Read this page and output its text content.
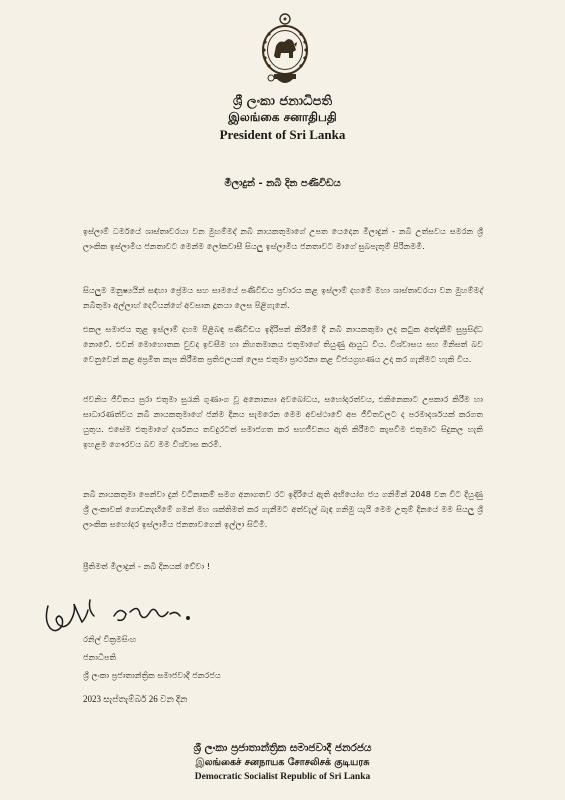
ශ්‍රී ලංකා ජනාධිපති
இலங்கை சனாதிபதி
President of Sri Lanka
මීලාදුන් - නබි දින පණිවිඩය

ඉස්ලාම් ධර්මයේ ශාස්තෘවරයා වන මුහම්මද් නබි නායකතුමාගේ උපත යෙදෙන මීලාදුන් - නබි උත්සවය සමරන ශ්‍රී ලාංකික ඉස්ලාමීය ජනතාවට මෙන්ම ලෝකවාසී සියලු ඉස්ලාමීය ජනතාවට මාගේ සුබපැතුම් පිරිනමමි.

සියලුම මනුෂ්‍යයින් සඳහා ප්‍රේමය සහ සාමයේ පණිවිඩය ප්‍රචාරය කළ ඉස්ලාම් දහමේ මහා ශාස්තෘවරයා වන මුහම්මද් නබිතුමා අල්ලාහ් දෙවියන්ගේ අවසාන දූතයා ලෙස පිළිගැනේ.

එකල සමාජය තුළ ඉස්ලාම් දහම පිළිබඳ පණිවිඩය ඉදිරිපත් කිරීමේ දී නබි නායකතුමා ලද කටුක අත්දැකීම් සුප්‍රසිද්ධ නොවේ. එවන් මොහොතක වුවද ඉවසීම හා නිහතමානය එතුමාගේ තියුණු ආයුධ විය. විශ්වාසය සහ මිනිසත් බව වෙනුවෙන් කළ අප්‍රමිත කැප කිරීමක ප්‍රතිඵලයක් ලෙස එතුමා ප්‍රාර්ථනා කළ විජයග්‍රහණය උදා කර ගැනීමට හැකි විය.

ජවනිය ජීවිතය පුරා එතුමා සුරැකි ගුණාංග වූ අනොන්‍යා අවබෝධය, සහෝදරත්වය, එකිනෙකාට උපකාර කිරීම හා සාධාරණත්වය නබි නායකතුමාගේ ජන්ම දිනය සැමරෙන මෙම අවස්ථාවේ අප ජීවිතවලට ද පරමාදර්ශයක් කරගත යුතුය. එසේම එතුමාගේ දර්ශනය තවදුරටත් සමාජගත කර සහජීවනය ඇති කිරීමට කැපවීම එතුමාට සිදුකල හැකි ඉහළම ගෞරවය බව මම විශ්වාස කරමි.

නබි නායකතුමා පෙන්වා දුන් වටිනාකම් සමග අනාගතව රට ඉදිරියේ ඇති අභියෝග ජය ගනිමින් 2048 වන විට දියුණු ශ්‍රී ලංකාවක් ගොඩනැඟීමේ ගමන් මහ ශක්තිමත් කර ගැනීමට අත්වැල් බැඳ ගනිමු යැයි මෙම උතුම් දිනයේ මම සියලු ශ්‍රී ලාංකික සහෝදර ඉස්ලාමීය ජනතාවගෙන් ඉල්ලා සිටිමි.

ප්‍රීතිමත් මීලාදුන් - නබි දිනයක් වේවා !

රනිල් වික්‍රමසිංහ
ජනාධිපති
ශ්‍රී ලංකා ප්‍රජාතාන්ත්‍රික සමාජවාදී ජනරජය
2023 සැප්තැම්බර් 26 වන දින
ශ්‍රී ලංකා ප්‍රජාතාන්ත්‍රික සමාජවාදී ජනරජය
இலங்கைச் சனநாயக சோசலிசக் குடியரசு
Democratic Socialist Republic of Sri Lanka
